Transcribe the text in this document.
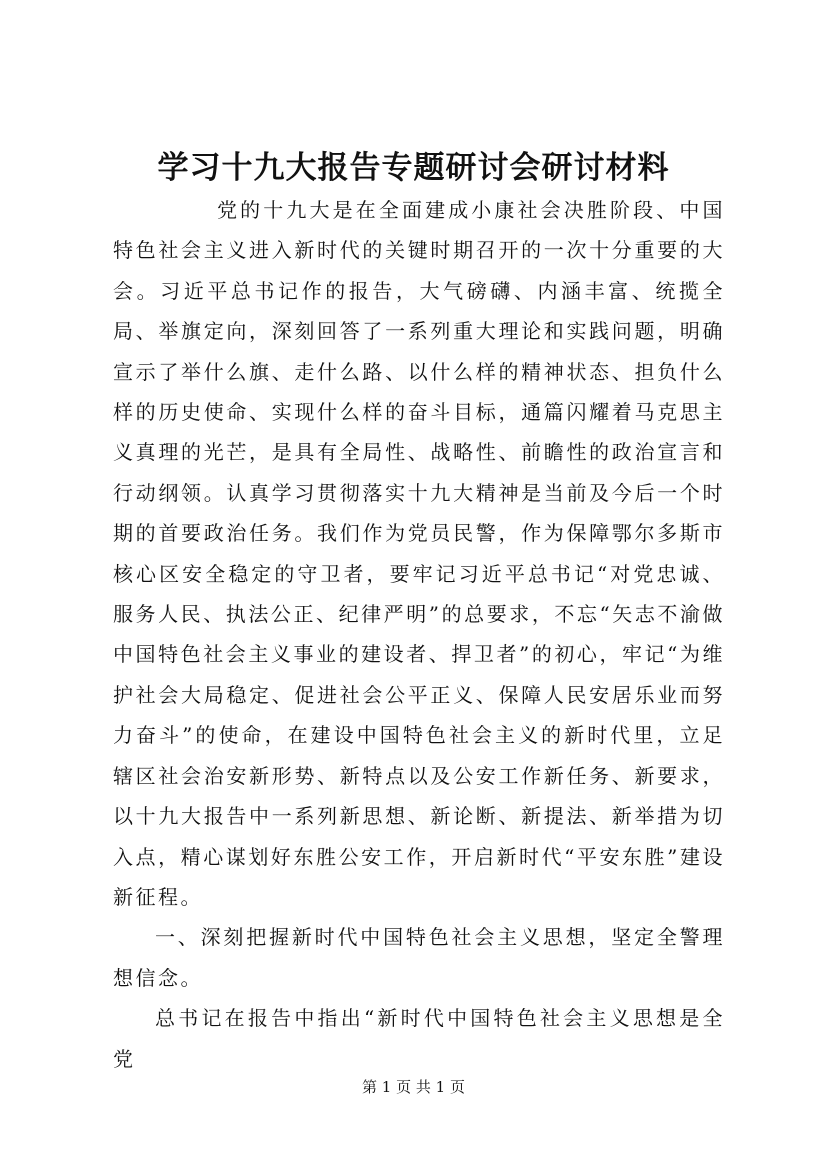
学习十九大报告专题研讨会研讨材料

党的十九大是在全面建成小康社会决胜阶段、中国特色社会主义进入新时代的关键时期召开的一次十分重要的大会。习近平总书记作的报告，大气磅礴、内涵丰富、统揽全局、举旗定向，深刻回答了一系列重大理论和实践问题，明确宣示了举什么旗、走什么路、以什么样的精神状态、担负什么样的历史使命、实现什么样的奋斗目标，通篇闪耀着马克思主义真理的光芒，是具有全局性、战略性、前瞻性的政治宣言和行动纲领。认真学习贯彻落实十九大精神是当前及今后一个时期的首要政治任务。我们作为党员民警，作为保障鄂尔多斯市核心区安全稳定的守卫者，要牢记习近平总书记“对党忠诚、服务人民、执法公正、纪律严明”的总要求，不忘“矢志不渝做中国特色社会主义事业的建设者、捍卫者”的初心，牢记“为维护社会大局稳定、促进社会公平正义、保障人民安居乐业而努力奋斗”的使命，在建设中国特色社会主义的新时代里，立足辖区社会治安新形势、新特点以及公安工作新任务、新要求，以十九大报告中一系列新思想、新论断、新提法、新举措为切入点，精心谋划好东胜公安工作，开启新时代“平安东胜”建设新征程。

一、深刻把握新时代中国特色社会主义思想，坚定全警理想信念。

总书记在报告中指出“新时代中国特色社会主义思想是全党

第 1 页 共 1 页
